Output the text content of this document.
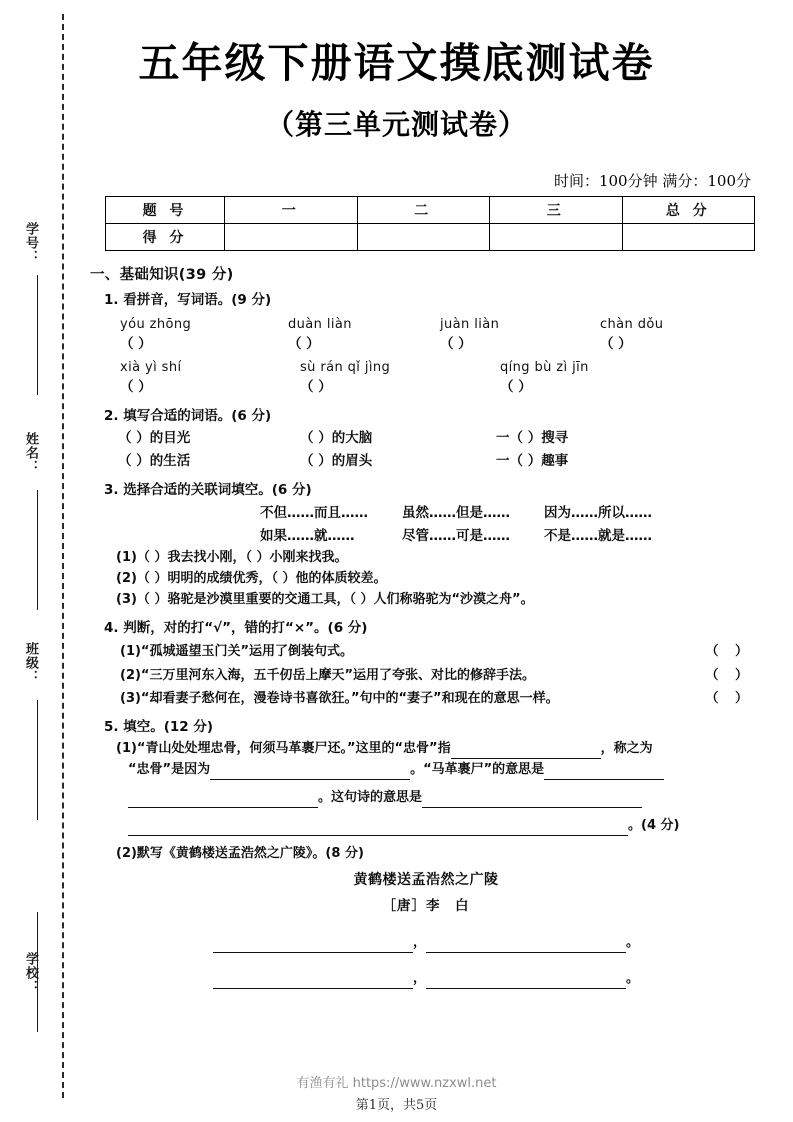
学号：
姓名：
班级：
学校：
五年级下册语文摸底测试卷
（第三单元测试卷）
时间：100分钟 满分：100分
题 号	一	二	三	总 分
得 分				
一、基础知识(39 分)
1. 看拼音，写词语。(9 分)
yóu zhōng
（ ）
duàn liàn
（ ）
juàn liàn
（ ）
chàn dǒu
（ ）
xià yì shí
（ ）
sù rán qǐ jìng
（ ）
qíng bù zì jīn
（ ）
2. 填写合适的词语。(6 分)
（ ）的目光	（ ）的大脑	一（ ）搜寻
（ ）的生活	（ ）的眉头	一（ ）趣事
3. 选择合适的关联词填空。(6 分)
不但……而且……	虽然……但是……	因为……所以……
如果……就……	尽管……可是……	不是……就是……
(1)（ ）我去找小刚，（ ）小刚来找我。
(2)（ ）明明的成绩优秀，（ ）他的体质较差。
(3)（ ）骆驼是沙漠里重要的交通工具，（ ）人们称骆驼为“沙漠之舟”。
4. 判断，对的打“√”，错的打“×”。(6 分)
(1)“孤城遥望玉门关”运用了倒装句式。	（ ）
(2)“三万里河东入海，五千仞岳上摩天”运用了夸张、对比的修辞手法。	（ ）
(3)“却看妻子愁何在，漫卷诗书喜欲狂。”句中的“妻子”和现在的意思一样。	（ ）
5. 填空。(12 分)
(1)“青山处处埋忠骨，何须马革裹尸还。”这里的“忠骨”指	，称之为
“忠骨”是因为	。“马革裹尸”的意思是
。这句诗的意思是
。(4 分)
(2)默写《黄鹤楼送孟浩然之广陵》。(8 分)
黄鹤楼送孟浩然之广陵
［唐］李　白
，	。
，	。
有渔有礼 https://www.nzxwl.net
第1页，共5页
